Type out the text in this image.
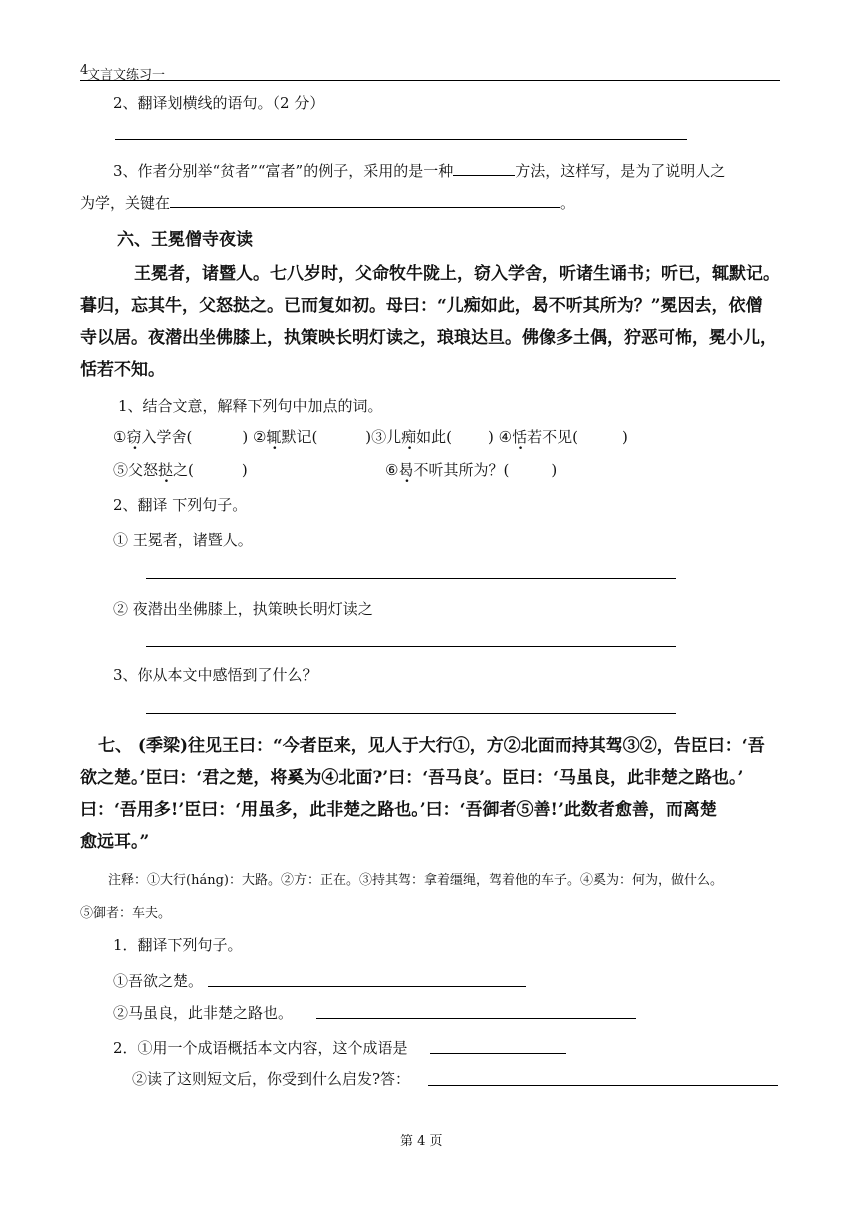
4
文言文练习一
2、翻译划横线的语句。（2 分）
3、作者分别举“贫者”“富者”的例子，采用的是一种	方法，这样写，是为了说明人之
为学，关键在	。
六、王冕僧寺夜读
王冕者，诸暨人。七八岁时，父命牧牛陇上，窃入学舍，听诸生诵书；听已，辄默记。
暮归，忘其牛，父怒挞之。已而复如初。母曰：“儿痴如此，曷不听其所为？”冕因去，依僧
寺以居。夜潜出坐佛膝上，执策映长明灯读之，琅琅达旦。佛像多土偶，狞恶可怖，冕小儿，
恬若不知。
1、结合文意，解释下列句中加点的词。
①窃入学舍(	) ②辄默记(	)③儿痴如此( ) ④恬若不见(	)
⑤父怒挞之(	)	⑥曷不听其所为？(	)
2、翻译 下列句子。
① 王冕者，诸暨人。
② 夜潜出坐佛膝上，执策映长明灯读之
3、你从本文中感悟到了什么？
七、 (季梁)往见王曰：“今者臣来，见人于大行①，方②北面而持其驾③②，告臣曰：‘吾
欲之楚。’臣曰：‘君之楚，将奚为④北面?’曰：‘吾马良’。臣曰：‘马虽良，此非楚之路也。’
曰：‘吾用多!’臣曰：‘用虽多，此非楚之路也。’曰：‘吾御者⑤善!’此数者愈善，而离楚
愈远耳。”
注释：①大行(háng)：大路。②方：正在。③持其驾：拿着缰绳，驾着他的车子。④奚为：何为，做什么。
⑤御者：车夫。
1．翻译下列句子。
①吾欲之楚。
②马虽良，此非楚之路也。
2．①用一个成语概括本文内容，这个成语是
②读了这则短文后，你受到什么启发?答：
第 4 页
